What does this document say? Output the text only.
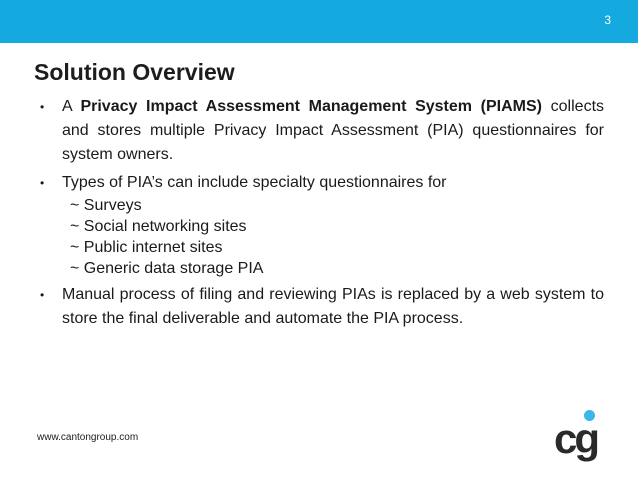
3
Solution Overview
• A Privacy Impact Assessment Management System (PIAMS) collects and stores multiple Privacy Impact Assessment (PIA) questionnaires for system owners.
• Types of PIA’s can include specialty questionnaires for
~ Surveys
~ Social networking sites
~ Public internet sites
~ Generic data storage PIA
• Manual process of filing and reviewing PIAs is replaced by a web system to store the final deliverable and automate the PIA process.
www.cantongroup.com	cg
